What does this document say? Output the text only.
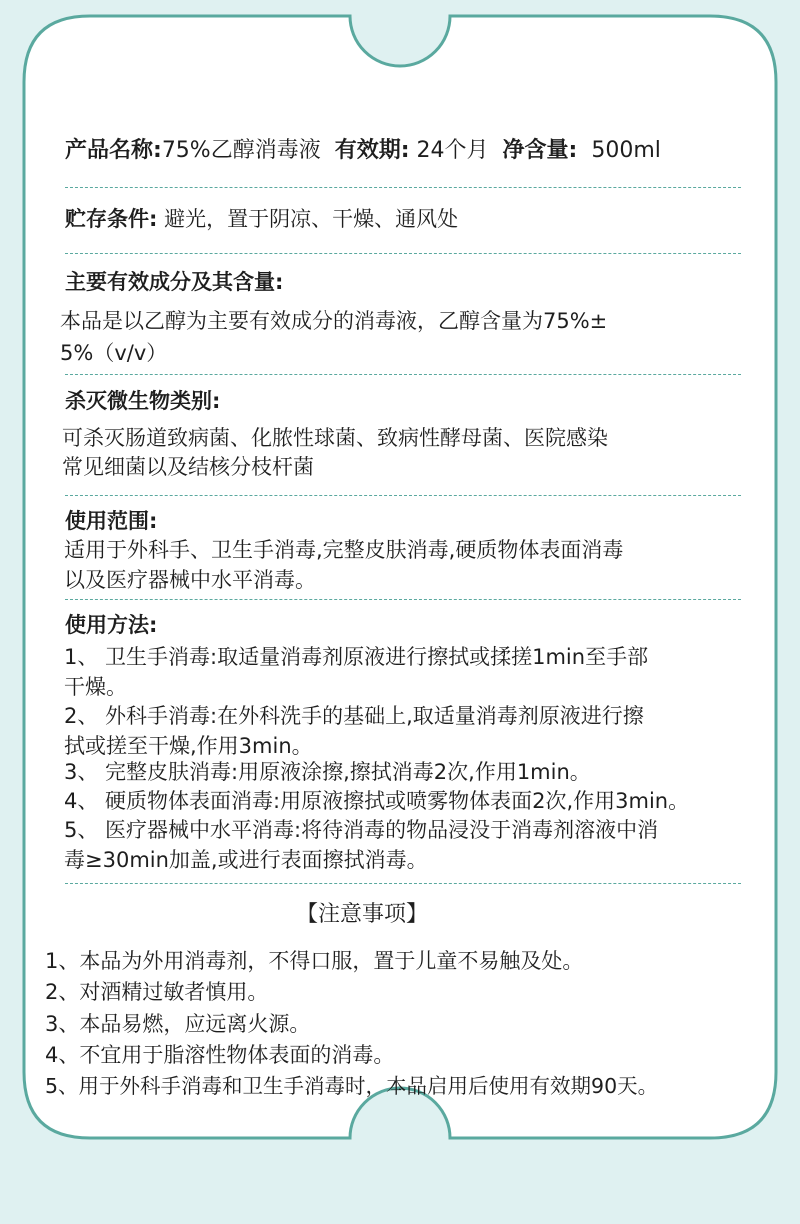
产品名称:75%乙醇消毒液 有效期: 24个月 净含量: 500ml
贮存条件: 避光，置于阴凉、干燥、通风处
主要有效成分及其含量:
本品是以乙醇为主要有效成分的消毒液，乙醇含量为75%±
5%（v/v）
杀灭微生物类别:
可杀灭肠道致病菌、化脓性球菌、致病性酵母菌、医院感染
常见细菌以及结核分枝杆菌
使用范围:
适用于外科手、卫生手消毒,完整皮肤消毒,硬质物体表面消毒
以及医疗器械中水平消毒。
使用方法:
1、 卫生手消毒:取适量消毒剂原液进行擦拭或揉搓1min至手部
干燥。
2、 外科手消毒:在外科洗手的基础上,取适量消毒剂原液进行擦
拭或搓至干燥,作用3min。
3、 完整皮肤消毒:用原液涂擦,擦拭消毒2次,作用1min。
4、 硬质物体表面消毒:用原液擦拭或喷雾物体表面2次,作用3min。
5、 医疗器械中水平消毒:将待消毒的物品浸没于消毒剂溶液中消
毒≥30min加盖,或进行表面擦拭消毒。
【注意事项】
1、本品为外用消毒剂，不得口服，置于儿童不易触及处。
2、对酒精过敏者慎用。
3、本品易燃，应远离火源。
4、不宜用于脂溶性物体表面的消毒。
5、用于外科手消毒和卫生手消毒时，本品启用后使用有效期90天。
